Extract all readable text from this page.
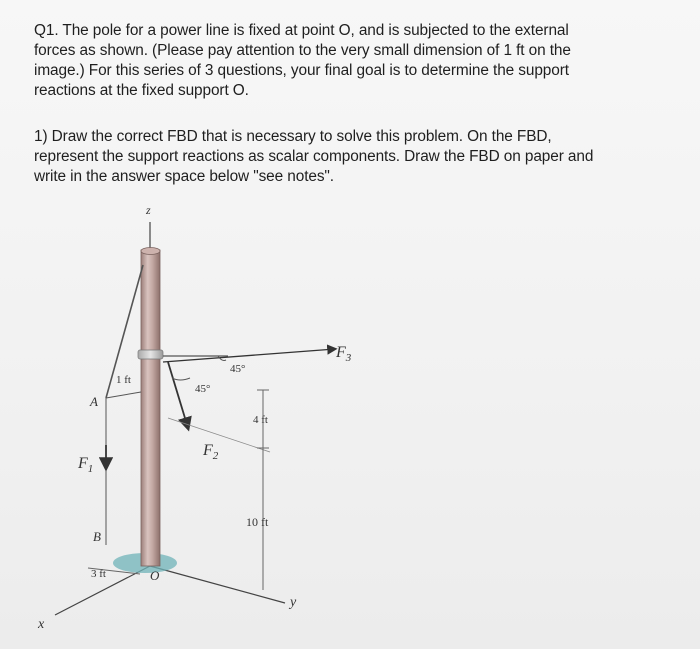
Q1. The pole for a power line is fixed at point O, and is subjected to the external
forces as shown. (Please pay attention to the very small dimension of 1 ft on the
image.) For this series of 3 questions, your final goal is to determine the support
reactions at the fixed support O.
1) Draw the correct FBD that is necessary to solve this problem. On the FBD,
represent the support reactions as scalar components. Draw the FBD on paper and
write in the answer space below "see notes".
x
y
z
A
B
O
$F_1$
$F_2$
$F_3$
1 ft
4 ft
10 ft
3 ft
45°
45°
